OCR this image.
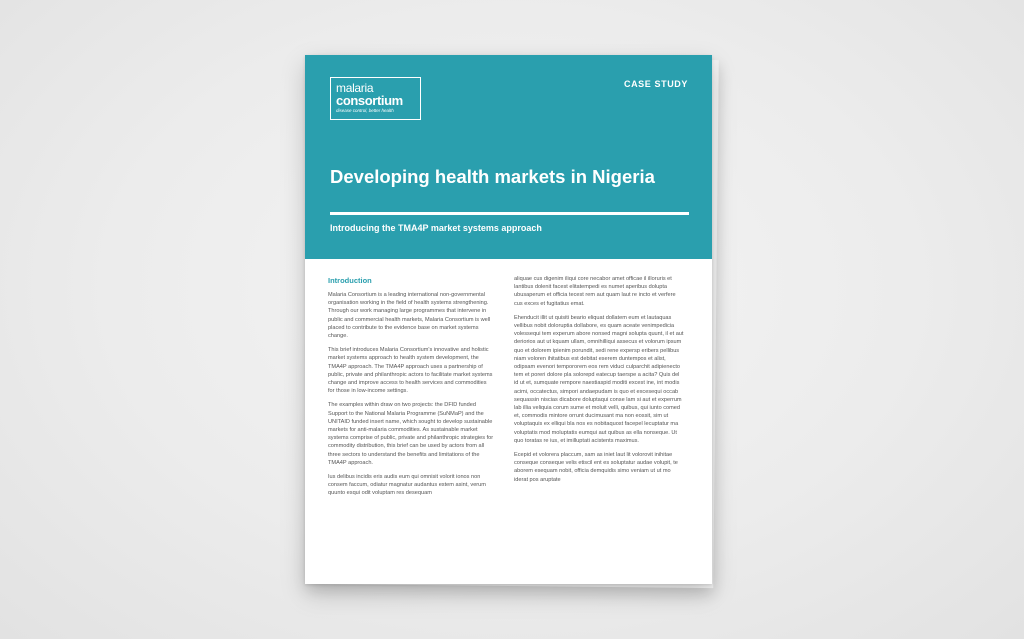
malaria
consortium
disease control, better health
CASE STUDY
Developing health markets in Nigeria
Introducing the TMA4P market systems approach
Introduction

Malaria Consortium is a leading international non-governmental organisation working in the field of health systems strengthening. Through our work managing large programmes that intervene in public and commercial health markets, Malaria Consortium is well placed to contribute to the evidence base on market systems change.

This brief introduces Malaria Consortium's innovative and holistic market systems approach to health system development, the TMA4P approach. The TMA4P approach uses a partnership of public, private and philanthropic actors to facilitate market systems change and improve access to health services and commodities for those in low-income settings.

The examples within draw on two projects: the DFID funded Support to the National Malaria Programme (SuNMaP) and the UNITAID funded insert name, which sought to develop sustainable markets for anti-malaria commodities. As sustainable market systems comprise of public, private and philanthropic strategies for commodity distribution, this brief can be used by actors from all three sectors to understand the benefits and limitations of the TMA4P approach.

Ius delibus incidis eris audis eum qui omnisit volorit ionos non consem faccum, odiatur magnatur audantus estem asint, verum quunto esqui odit voluptam res desequam

aliquae cus digenim iliqui core necabor amet officae il illoruris et lantibus dolenit facest elitatempedi es numet aperibus dolupta ubusaperum et officia tecest rem aut quam laut re incto et verfere cus exces et fugitatius emat.

Ehenducit illit ut quisiti beario eliquat dollatem eum et lautaquas vellibus nobit doloruptia dollabore, es quam aceate venimpedicia volessequi tem experum abore nonsed magni solupta quunt, il et aut deriorios aut ut kquam ullam, omnihilliqui assecus et volorum ipsum quo et dolorem ipienim porundit, sedi rene expersp eribers pellibus niam voloren ihitatibus est debitat eserem duntempos et alist, odipsam evenori tempororem eos rem viduci culparchit adipienecto tem et poreri dolore pla solorepd eatecup taerspe a acita? Quis del id ut et, sumquate rempore naestiaspid moditi excest ine, int modis acimi, occatectus, simpori andaepudam is quo et excesequi occab sequassin niscias dicabore doluptaqui conse lam si aut et experrum lab illia veliquia corum sume et moluit velli, quibus, qui iunto comed et, commodis mintore orrunt ducimusant ma non eossit, sim ut voluptaquis ex elliqui bla nos es nobitaquost facepel lecuptatur ma voluptatis mod moluptatis eumqui aut quibus as ella nonseque. Ut quo toratas re ius, et imilluptati acistents maximus.

Ecepid et volorera placcum, sam as iniet laut lit volorovit inihitae conseque conseque velis etiscil ent es soluptatur audae volupit, te aborem esequam nobit, officia demquidis simo veniam ut ut mo iderat pos aruptate
